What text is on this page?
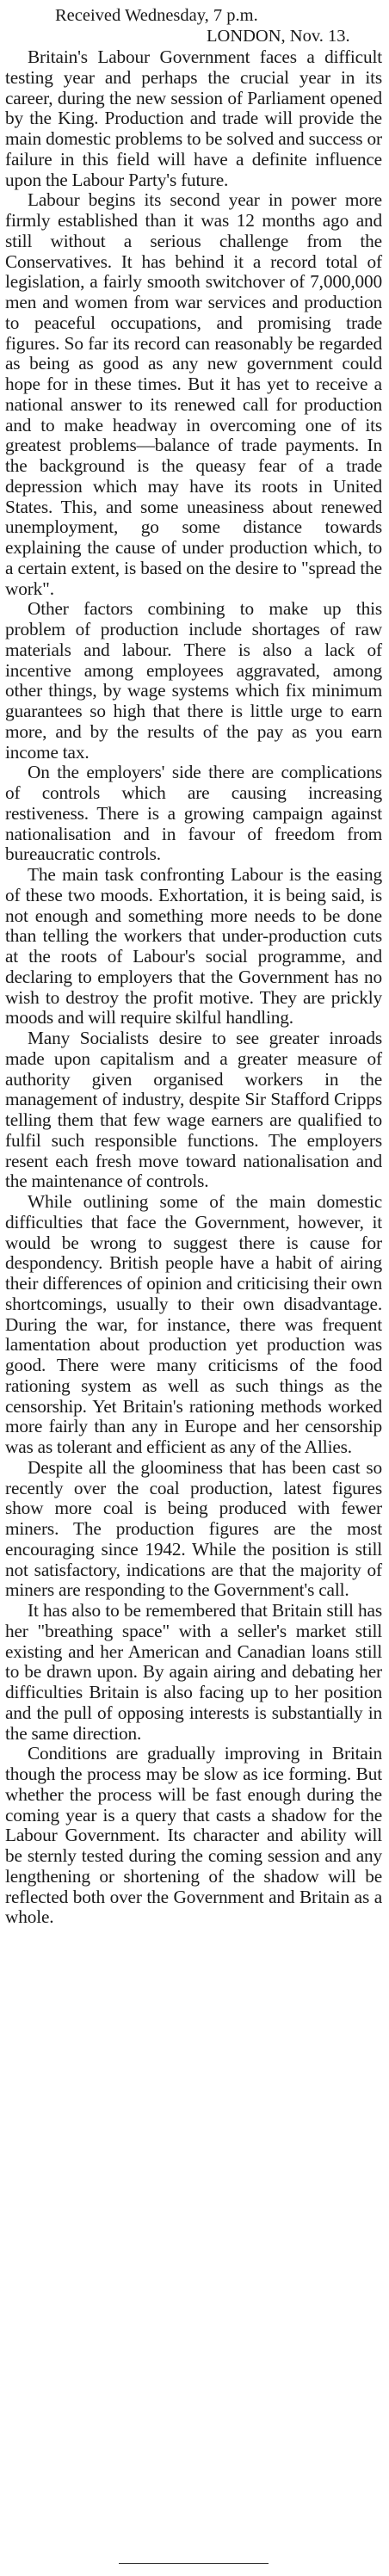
Received Wednesday, 7 p.m.

LONDON, Nov. 13.

Britain's Labour Government faces a difficult testing year and perhaps the crucial year in its career, during the new session of Parliament opened by the King. Production and trade will provide the main domestic problems to be solved and success or failure in this field will have a definite influence upon the Labour Party's future.

Labour begins its second year in power more firmly established than it was 12 months ago and still without a serious challenge from the Conservatives. It has behind it a record total of legislation, a fairly smooth switchover of 7,000,000 men and women from war services and production to peaceful occupations, and promising trade figures. So far its record can reasonably be regarded as being as good as any new government could hope for in these times. But it has yet to receive a national answer to its renewed call for production and to make headway in overcoming one of its greatest problems—balance of trade payments. In the background is the queasy fear of a trade depression which may have its roots in United States. This, and some uneasiness about renewed unemployment, go some distance towards explaining the cause of under production which, to a certain extent, is based on the desire to "spread the work".

Other factors combining to make up this problem of production include shortages of raw materials and labour. There is also a lack of incentive among employees aggravated, among other things, by wage systems which fix minimum guarantees so high that there is little urge to earn more, and by the results of the pay as you earn income tax.

On the employers' side there are complications of controls which are causing increasing restiveness. There is a growing campaign against nationalisation and in favour of freedom from bureaucratic controls.

The main task confronting Labour is the easing of these two moods. Exhortation, it is being said, is not enough and something more needs to be done than telling the workers that under-production cuts at the roots of Labour's social programme, and declaring to employers that the Government has no wish to destroy the profit motive. They are prickly moods and will require skilful handling.

Many Socialists desire to see greater inroads made upon capitalism and a greater measure of authority given organised workers in the management of industry, despite Sir Stafford Cripps telling them that few wage earners are qualified to fulfil such responsible functions. The employers resent each fresh move toward nationalisation and the maintenance of controls.

While outlining some of the main domestic difficulties that face the Government, however, it would be wrong to suggest there is cause for despondency. British people have a habit of airing their differences of opinion and criticising their own shortcomings, usually to their own disadvantage. During the war, for instance, there was frequent lamentation about production yet production was good. There were many criticisms of the food rationing system as well as such things as the censorship. Yet Britain's rationing methods worked more fairly than any in Europe and her censorship was as tolerant and efficient as any of the Allies.

Despite all the gloominess that has been cast so recently over the coal production, latest figures show more coal is being produced with fewer miners. The production figures are the most encouraging since 1942. While the position is still not satisfactory, indications are that the majority of miners are responding to the Government's call.

It has also to be remembered that Britain still has her "breathing space" with a seller's market still existing and her American and Canadian loans still to be drawn upon. By again airing and debating her difficulties Britain is also facing up to her position and the pull of opposing interests is substantially in the same direction.

Conditions are gradually improving in Britain though the process may be slow as ice forming. But whether the process will be fast enough during the coming year is a query that casts a shadow for the Labour Government. Its character and ability will be sternly tested during the coming session and any lengthening or shortening of the shadow will be reflected both over the Government and Britain as a whole.
